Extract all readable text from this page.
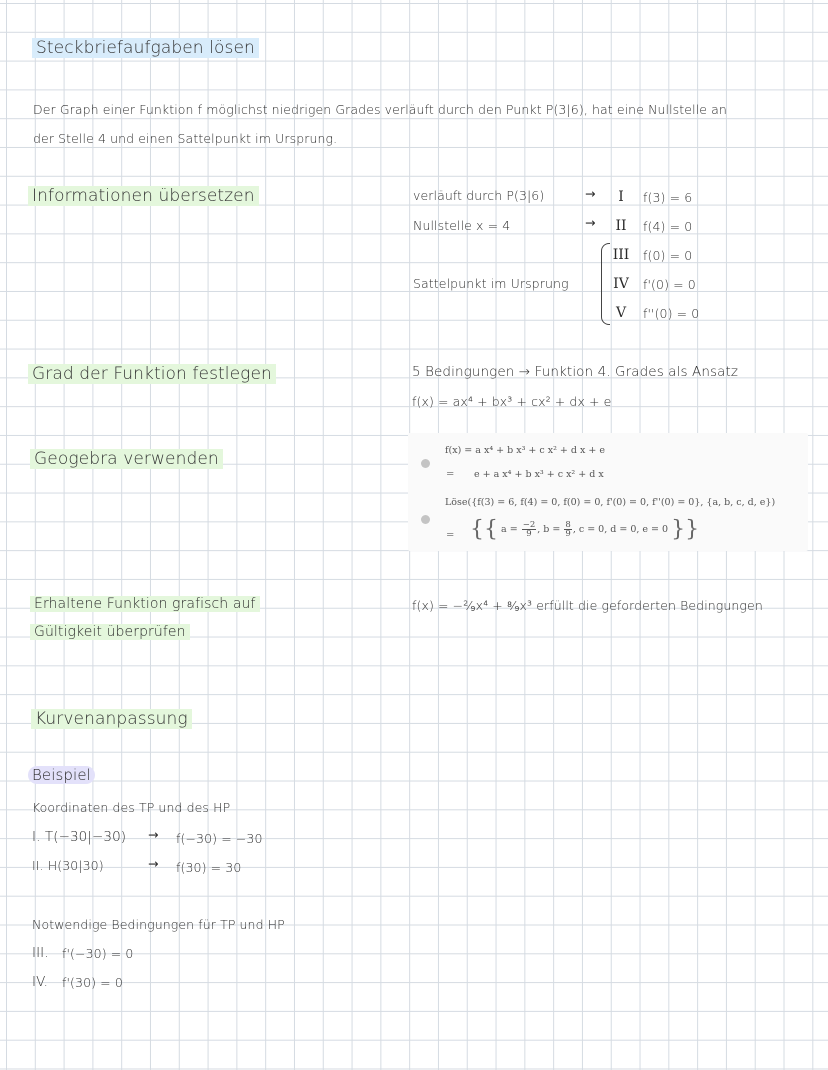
Steckbriefaufgaben lösen
Der Graph einer Funktion f möglichst niedrigen Grades verläuft durch den Punkt P(3|6), hat eine Nullstelle an
der Stelle 4 und einen Sattelpunkt im Ursprung.
Informationen übersetzen	verläuft durch P(3|6)	→	I	f(3) = 6
Nullstelle x = 4	→	II	f(4) = 0
Sattelpunkt im Ursprung
III f(0) = 0
IV f'(0) = 0
V	f''(0) = 0
Grad der Funktion festlegen	5 Bedingungen → Funktion 4. Grades als Ansatz
f(x) = ax⁴ + bx³ + cx² + dx + e
Geogebra verwenden	f(x) = a x⁴ + b x³ + c x² + d x + e
= e + a x⁴ + b x³ + c x² + d x
Löse({f(3) = 6, f(4) = 0, f(0) = 0, f'(0) = 0, f''(0) = 0}, {a, b, c, d, e})
= {{ $a = \frac{-2}{9}$ , $b = \frac{8}{9}$ , c = 0, d = 0, e = 0 }}
Erhaltene Funktion grafisch auf
Gültigkeit überprüfen
f(x) = −²⁄₉x⁴ + ⁸⁄₉x³ erfüllt die geforderten Bedingungen
Kurvenanpassung
Beispiel
Koordinaten des TP und des HP
I. T(−30|−30) → f(−30) = −30
II. H(30|30)	→ f(30) = 30
Notwendige Bedingungen für TP und HP
III. f'(−30) = 0
IV. f'(30) = 0
